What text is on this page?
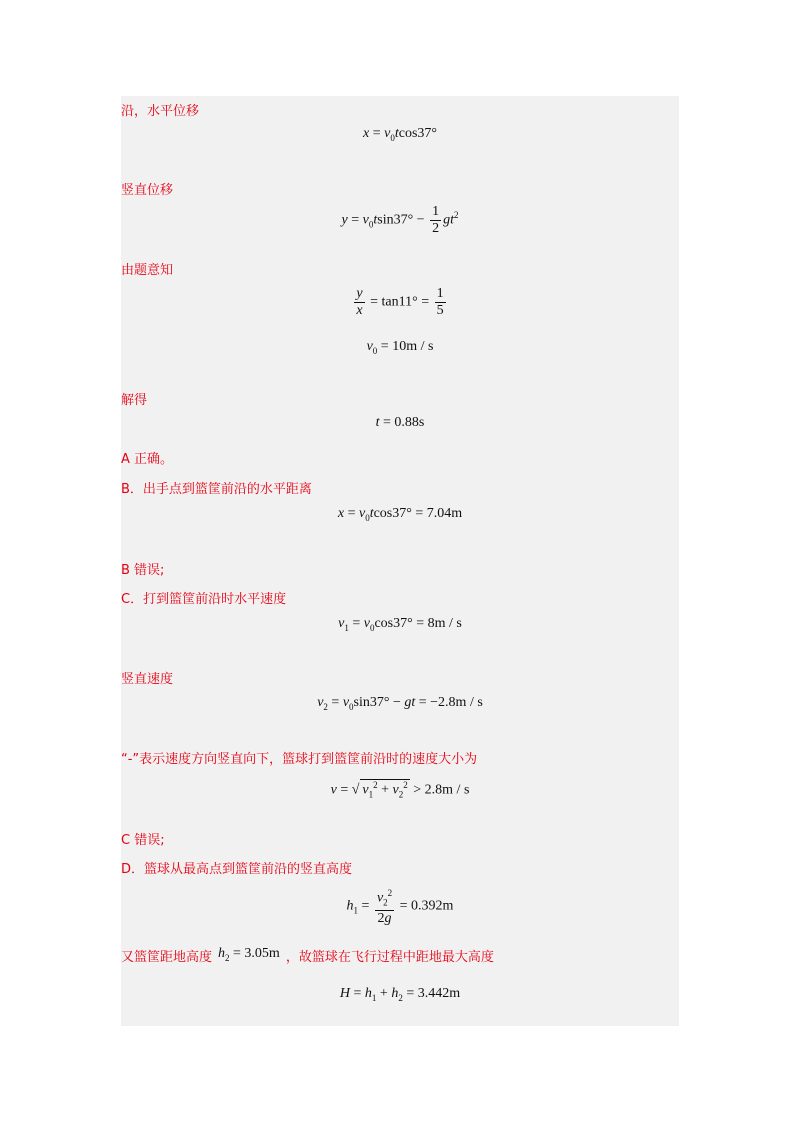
沿，水平位移
$x = v_0tcos37^\circ$
竖直位移
$y = v_0tsin37^\circ - \frac{1}{2} gt^2$
由题意知
$\frac{y}{x} = \tan 11^\circ = \frac{1}{5}$
$v_0 = 10m / s$
解得
t = 0.88s
A 正确。
B．出手点到篮筐前沿的水平距离
$x = v_0tcos37^\circ = 7.04m$
B 错误;
C．打到篮筐前沿时水平速度
$v_1 = v_0\cos 37^\circ = 8m / s$
竖直速度
$v_2 = v_0\sin 37^\circ$ − gt = −2.8m / s
“-”表示速度方向竖直向下，篮球打到篮筐前沿时的速度大小为
v = √ $v_1^2 + v_2^2 > 2.8m / s$
C 错误;
D．篮球从最高点到篮筐前沿的竖直高度
$h_1 = \frac{v_2^2}{2g} = 0.392m$
又篮筐距地高度 $h_2 = 3.05m$ ，故篮球在飞行过程中距地最大高度
$H = h_1 + h_2 = 3.442m$
